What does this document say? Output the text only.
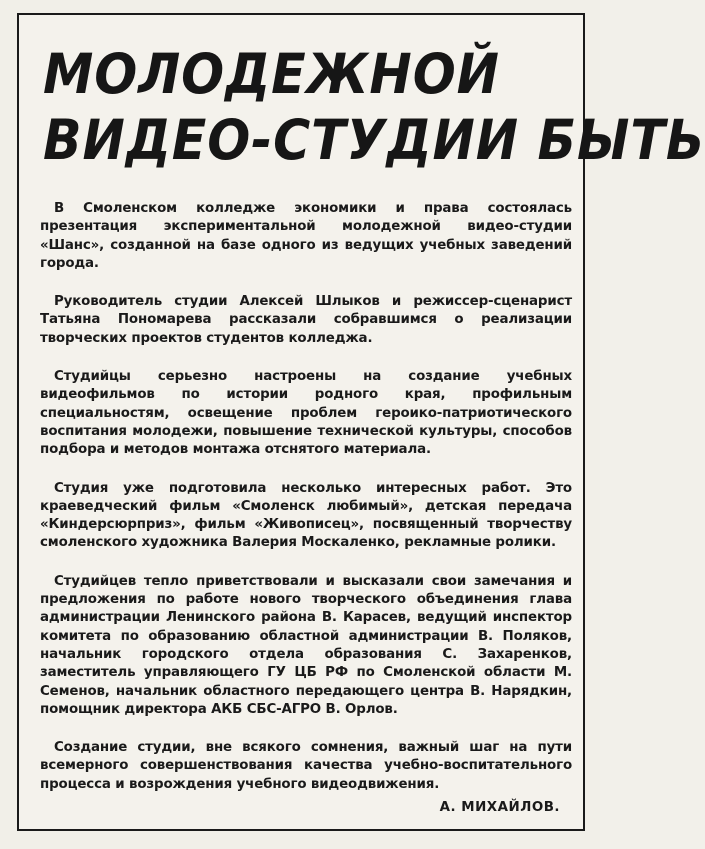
МОЛОДЕЖНОЙ
ВИДЕО-СТУДИИ БЫТЬ

В Смоленском колледже экономики и права состоялась презентация экспериментальной молодежной видео-студии «Шанс», созданной на базе одного из ведущих учебных заведений города.

Руководитель студии Алексей Шлыков и режиссер-сценарист Татьяна Пономарева рассказали собравшимся о реализации творческих проектов студентов колледжа.

Студийцы серьезно настроены на создание учебных видеофильмов по истории родного края, профильным специальностям, освещение проблем героико-патриотического воспитания молодежи, повышение технической культуры, способов подбора и методов монтажа отснятого материала.

Студия уже подготовила несколько интересных работ. Это краеведческий фильм «Смоленск любимый», детская передача «Киндерсюрприз», фильм «Живописец», посвященный творчеству смоленского художника Валерия Москаленко, рекламные ролики.

Студийцев тепло приветствовали и высказали свои замечания и предложения по работе нового творческого объединения глава администрации Ленинского района В. Карасев, ведущий инспектор комитета по образованию областной администрации В. Поляков, начальник городского отдела образования С. Захаренков, заместитель управляющего ГУ ЦБ РФ по Смоленской области М. Семенов, начальник областного передающего центра В. Нарядкин, помощник директора АКБ СБС-АГРО В. Орлов.

Создание студии, вне всякого сомнения, важный шаг на пути всемерного совершенствования качества учебно-воспитательного процесса и возрождения учебного видеодвижения.

А. МИХАЙЛОВ.
